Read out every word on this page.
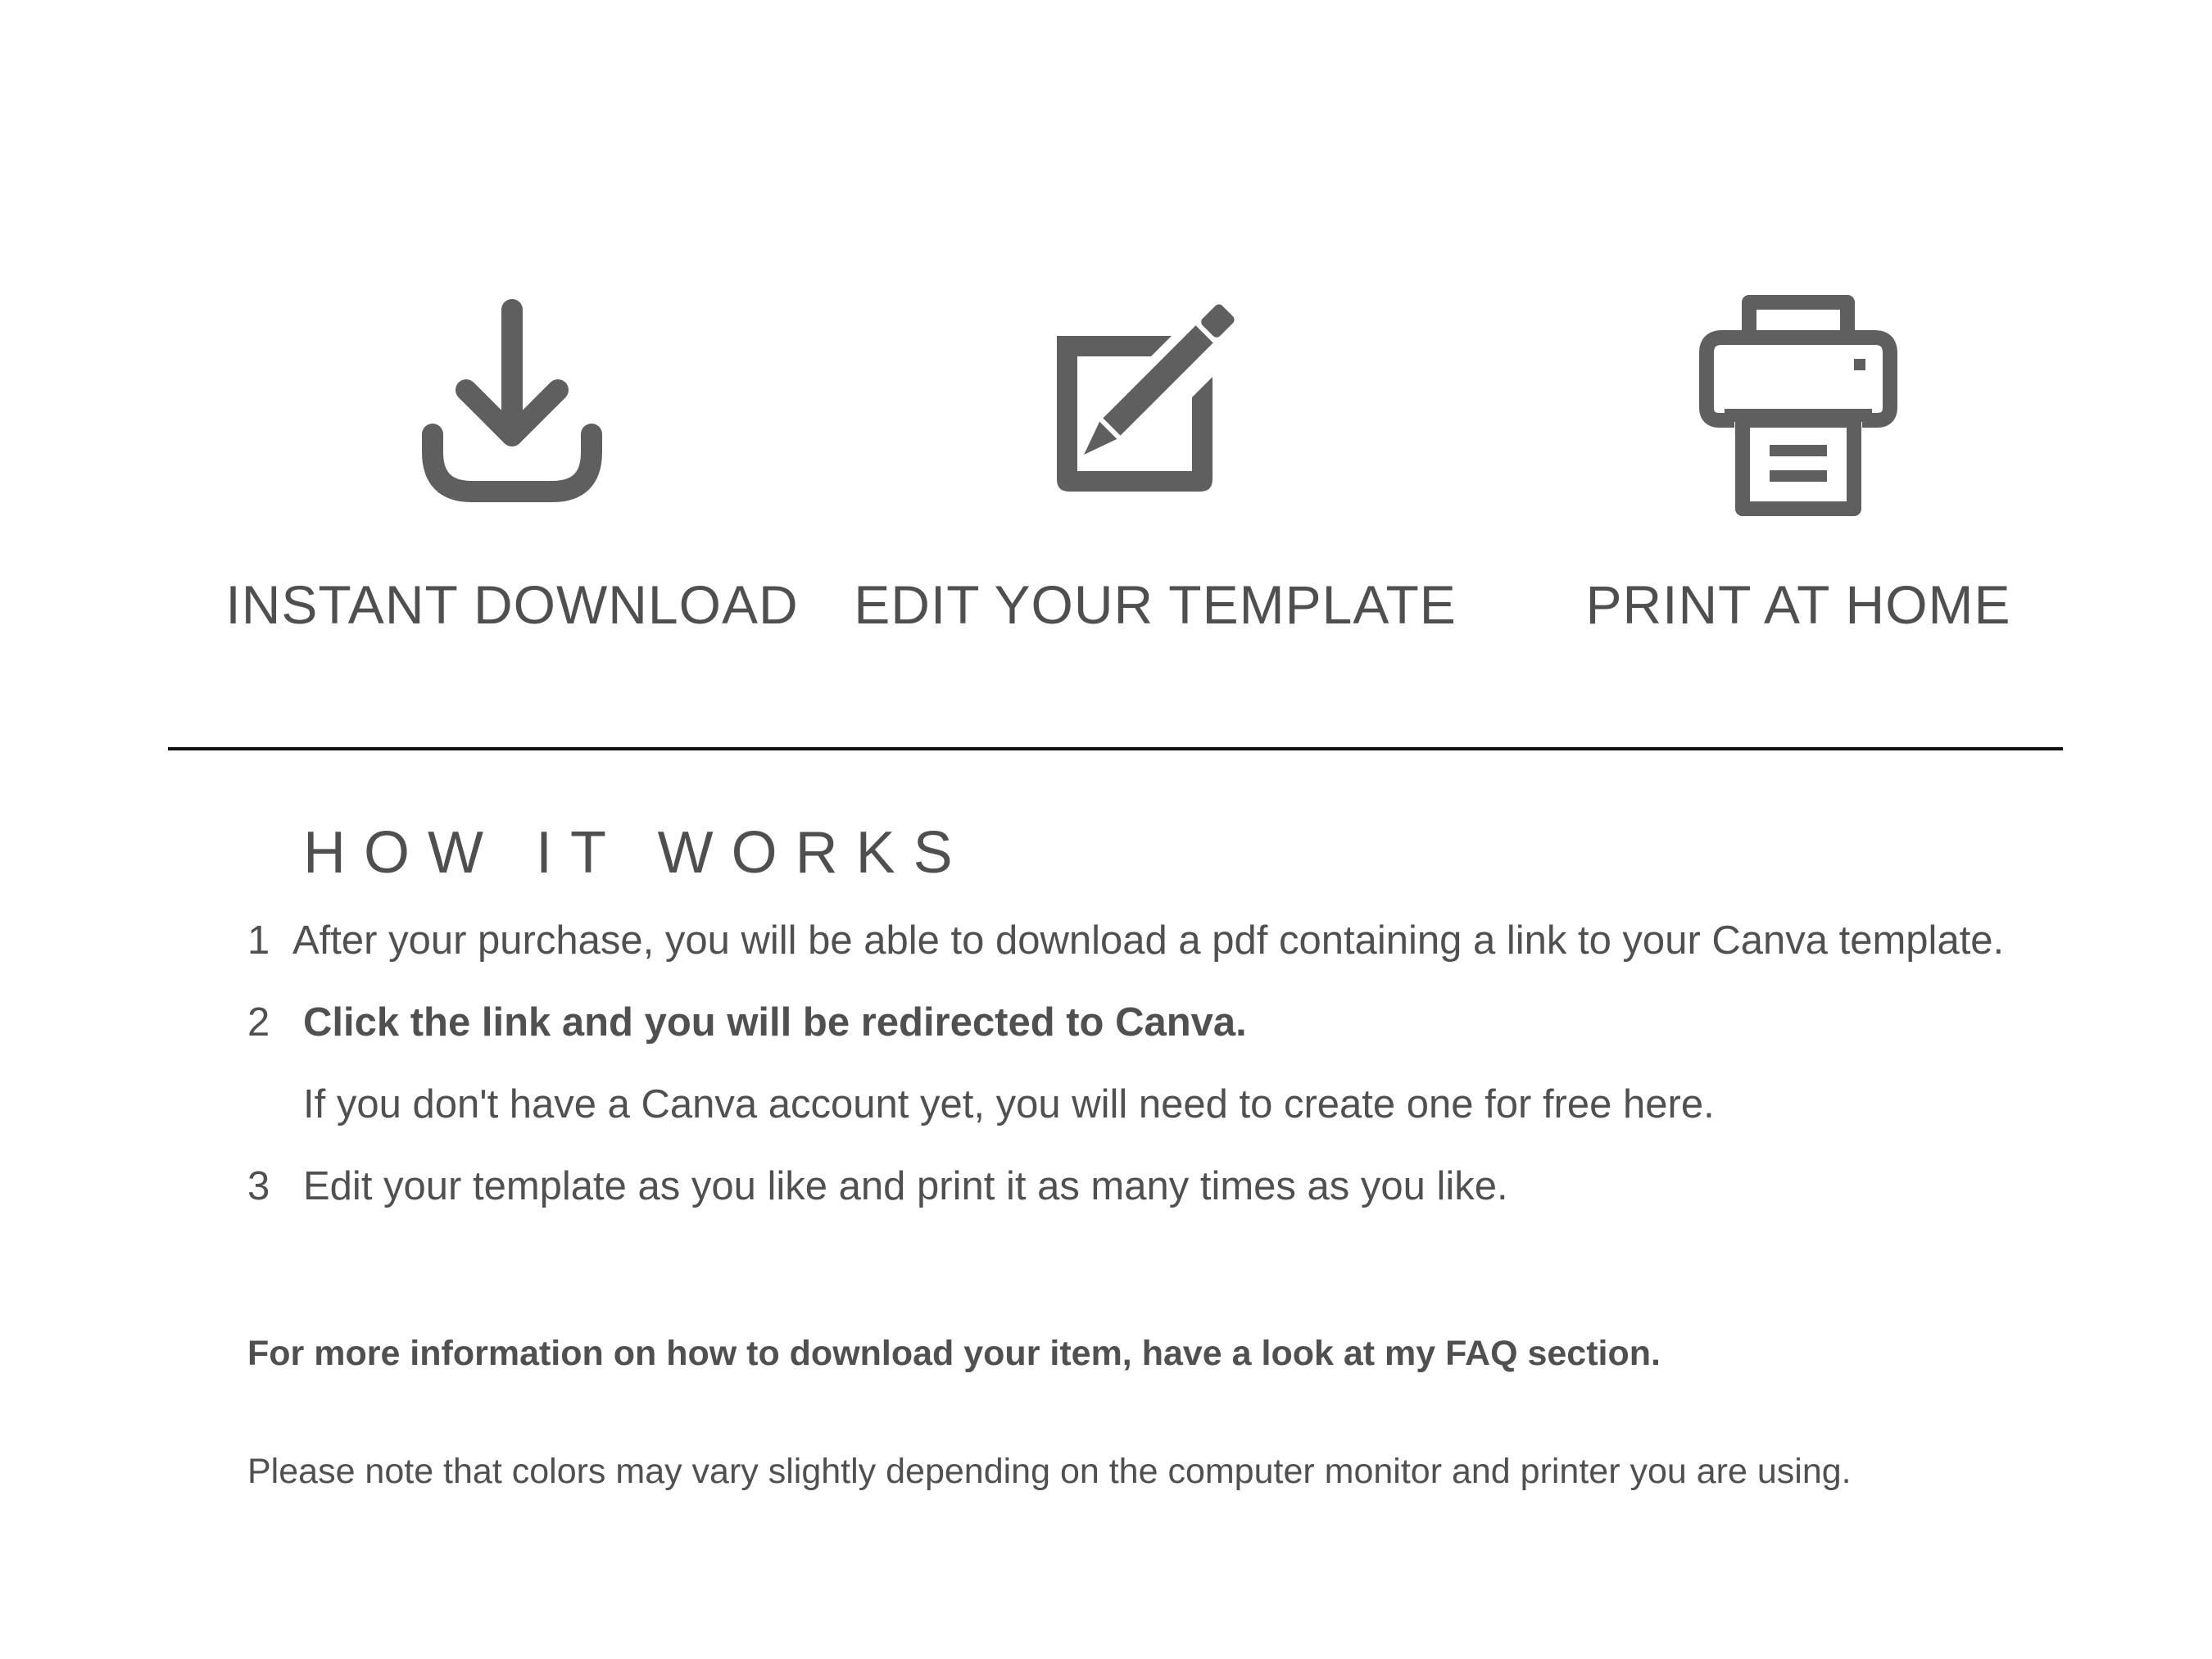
INSTANT DOWNLOAD	EDIT YOUR TEMPLATE	PRINT AT HOME
HOW IT WORKS
1 After your purchase, you will be able to download a pdf containing a link to your Canva template.
2 Click the link and you will be redirected to Canva.
If you don't have a Canva account yet, you will need to create one for free here.
3 Edit your template as you like and print it as many times as you like.
For more information on how to download your item, have a look at my FAQ section.
Please note that colors may vary slightly depending on the computer monitor and printer you are using.
